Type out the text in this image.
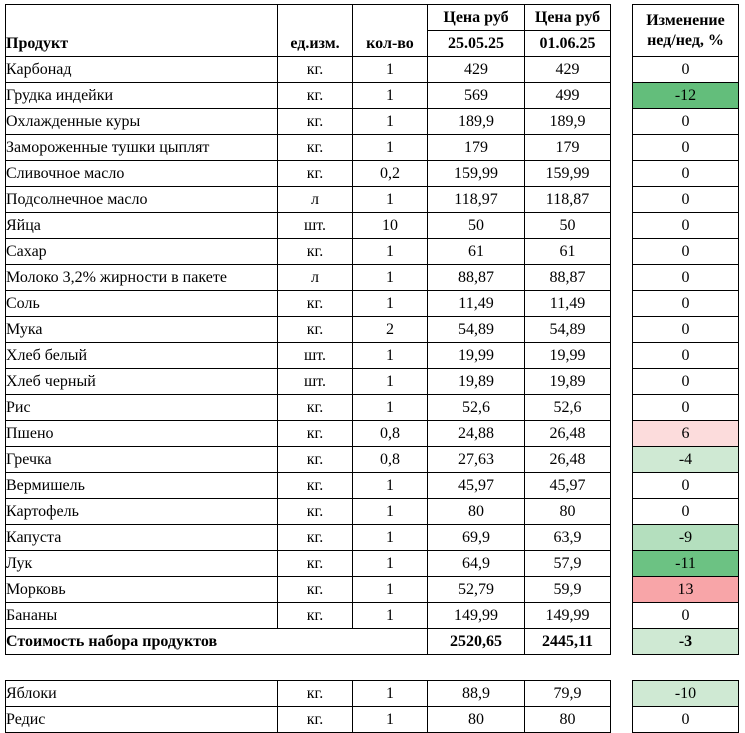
Продукт	ед.изм.	кол-во	Цена руб	Цена руб		Изменение
нед/нед, %

			25.05.25	01.06.25		
Карбонад	кг.	1	429	429		0
Грудка индейки	кг.	1	569	499		-12
Охлажденные куры	кг.	1	189,9	189,9		0
Замороженные тушки цыплят	кг.	1	179	179		0
Сливочное масло	кг.	0,2	159,99	159,99		0
Подсолнечное масло	л	1	118,97	118,87		0
Яйца	шт.	10	50	50		0
Сахар	кг.	1	61	61		0
Молоко 3,2% жирности в пакете	л	1	88,87	88,87		0
Соль	кг.	1	11,49	11,49		0
Мука	кг.	2	54,89	54,89		0
Хлеб белый	шт.	1	19,99	19,99		0
Хлеб черный	шт.	1	19,89	19,89		0
Рис	кг.	1	52,6	52,6		0
Пшено	кг.	0,8	24,88	26,48		6
Гречка	кг.	0,8	27,63	26,48		-4
Вермишель	кг.	1	45,97	45,97		0
Картофель	кг.	1	80	80		0
Капуста	кг.	1	69,9	63,9		-9
Лук	кг.	1	64,9	57,9		-11
Морковь	кг.	1	52,79	59,9		13
Бананы	кг.	1	149,99	149,99		0
Стоимость набора продуктов			2520,65	2445,11		-3

Яблоки	кг.	1	88,9	79,9		-10
Редис	кг.	1	80	80		0
